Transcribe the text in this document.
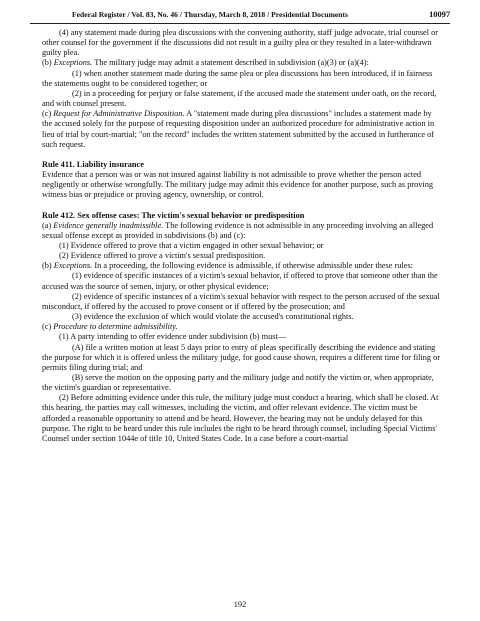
Federal Register / Vol. 83, No. 46 / Thursday, March 8, 2018 / Presidential Documents	10097

(4) any statement made during plea discussions with the convening authority, staff judge advocate, trial counsel or other counsel for the government if the discussions did not result in a guilty plea or they resulted in a later-withdrawn guilty plea.

(b) Exceptions. The military judge may admit a statement described in subdivision (a)(3) or (a)(4):

(1) when another statement made during the same plea or plea discussions has been introduced, if in fairness the statements ought to be considered together; or

(2) in a proceeding for perjury or false statement, if the accused made the statement under oath, on the record, and with counsel present.

(c) Request for Administrative Disposition. A "statement made during plea discussions" includes a statement made by the accused solely for the purpose of requesting disposition under an authorized procedure for administrative action in lieu of trial by court-martial; "on the record" includes the written statement submitted by the accused in furtherance of such request.

Rule 411. Liability insurance

Evidence that a person was or was not insured against liability is not admissible to prove whether the person acted negligently or otherwise wrongfully. The military judge may admit this evidence for another purpose, such as proving witness bias or prejudice or proving agency, ownership, or control.

Rule 412. Sex offense cases: The victim's sexual behavior or predisposition

(a) Evidence generally inadmissible. The following evidence is not admissible in any proceeding involving an alleged sexual offense except as provided in subdivisions (b) and (c):

(1) Evidence offered to prove that a victim engaged in other sexual behavior; or

(2) Evidence offered to prove a victim's sexual predisposition.

(b) Exceptions. In a proceeding, the following evidence is admissible, if otherwise admissible under these rules:

(1) evidence of specific instances of a victim's sexual behavior, if offered to prove that someone other than the accused was the source of semen, injury, or other physical evidence;

(2) evidence of specific instances of a victim's sexual behavior with respect to the person accused of the sexual misconduct, if offered by the accused to prove consent or if offered by the prosecution; and

(3) evidence the exclusion of which would violate the accused's constitutional rights.

(c) Procedure to determine admissibility.

(1) A party intending to offer evidence under subdivision (b) must—

(A) file a written motion at least 5 days prior to entry of pleas specifically describing the evidence and stating the purpose for which it is offered unless the military judge, for good cause shown, requires a different time for filing or permits filing during trial; and

(B) serve the motion on the opposing party and the military judge and notify the victim or, when appropriate, the victim's guardian or representative.

(2) Before admitting evidence under this rule, the military judge must conduct a hearing, which shall be closed. At this hearing, the parties may call witnesses, including the victim, and offer relevant evidence. The victim must be afforded a reasonable opportunity to attend and be heard. However, the hearing may not be unduly delayed for this purpose. The right to be heard under this rule includes the right to be heard through counsel, including Special Victims' Counsel under section 1044e of title 10, United States Code. In a case before a court-martial

192
